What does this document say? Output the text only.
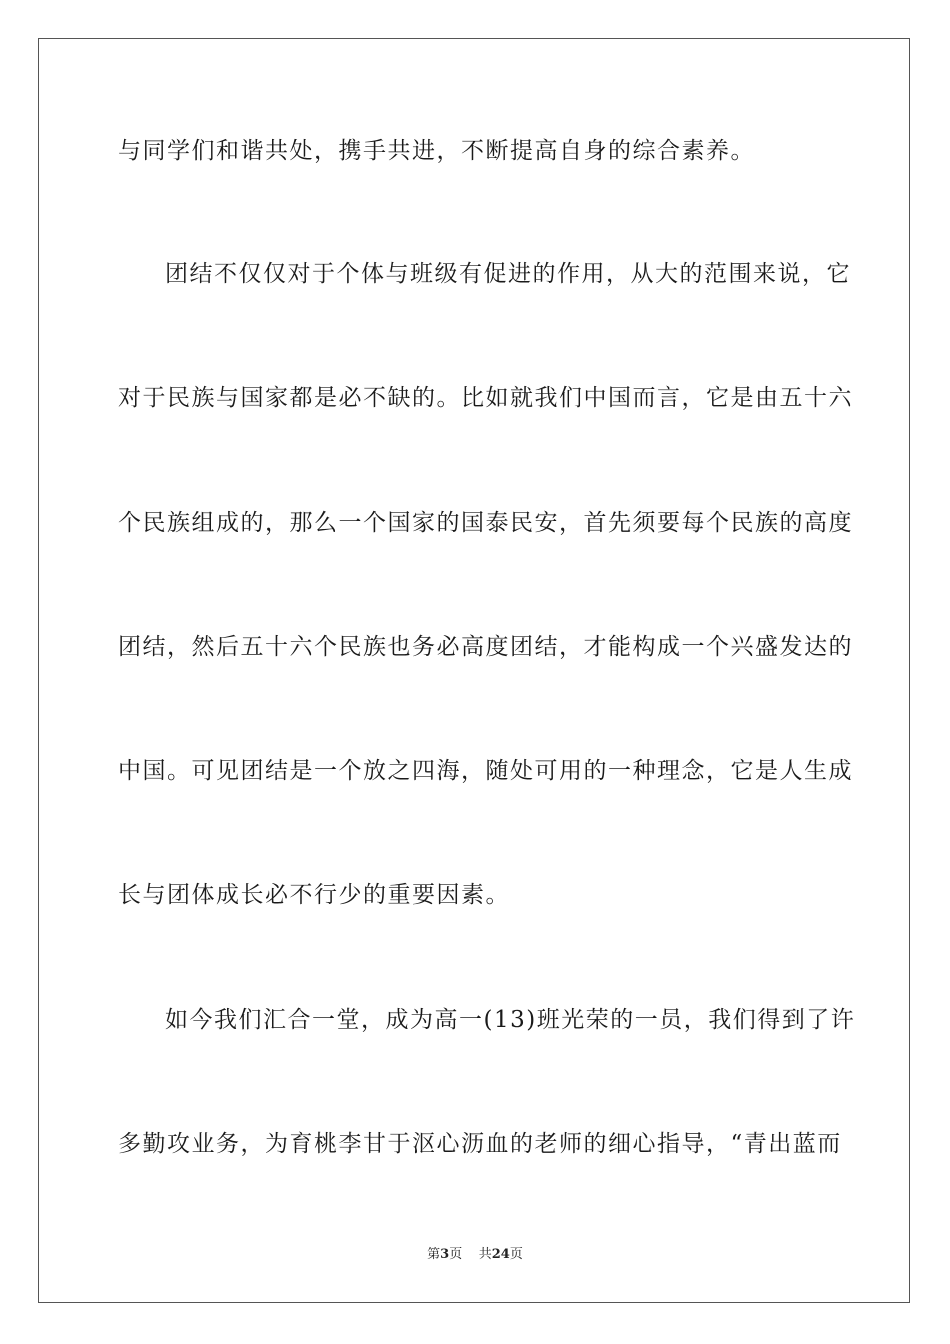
与同学们和谐共处，携手共进，不断提高自身的综合素养。
团结不仅仅对于个体与班级有促进的作用，从大的范围来说，它
对于民族与国家都是必不缺的。比如就我们中国而言，它是由五十六
个民族组成的，那么一个国家的国泰民安，首先须要每个民族的高度
团结，然后五十六个民族也务必高度团结，才能构成一个兴盛发达的
中国。可见团结是一个放之四海，随处可用的一种理念，它是人生成
长与团体成长必不行少的重要因素。
如今我们汇合一堂，成为高一(13)班光荣的一员，我们得到了许
多勤攻业务，为育桃李甘于沤心沥血的老师的细心指导，“青出蓝而
第3页 共24页
